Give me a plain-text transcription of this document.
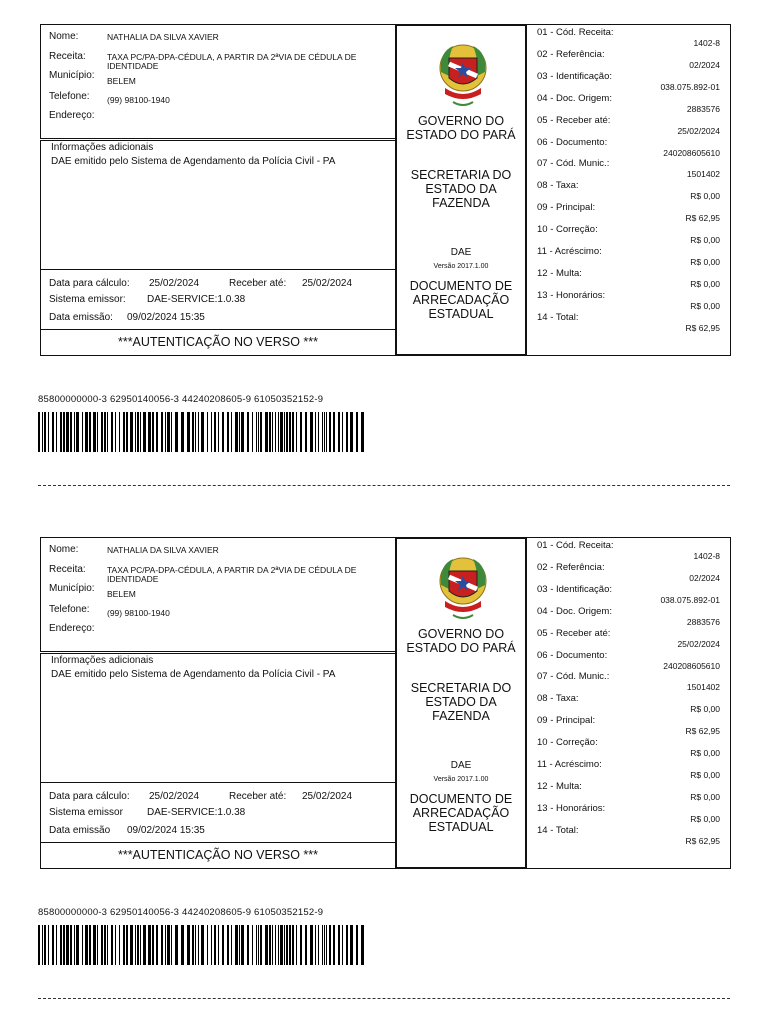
Nome:	NATHALIA DA SILVA XAVIER
Receita:	TAXA PC/PA-DPA-CÉDULA, A PARTIR DA 2ªVIA DE CÉDULA DE
IDENTIDADE
Município: BELEM
Telefone: (99) 98100-1940
Endereço:
Informações adicionais
DAE emitido pelo Sistema de Agendamento da Polícia Civil - PA
Data para cálculo: 25/02/2024	Receber até: 25/02/2024
Sistema emissor: DAE-SERVICE:1.0.38
Data emissão: 09/02/2024 15:35
***AUTENTICAÇÃO NO VERSO ***
GOVERNO DO
ESTADO DO PARÁ
SECRETARIA DO
ESTADO DA
FAZENDA
DAE
Versão 2017.1.00
DOCUMENTO DE
ARRECADAÇÃO
ESTADUAL
01 - Cód. Receita:
1402-8
02 - Referência:
02/2024
03 - Identificação:
038.075.892-01
04 - Doc. Origem:
2883576
05 - Receber até:
25/02/2024
06 - Documento:
240208605610
07 - Cód. Munic.:
1501402
08 - Taxa:
R$ 0,00
09 - Principal:
R$ 62,95
10 - Correção:
R$ 0,00
11 - Acréscimo:
R$ 0,00
12 - Multa:
R$ 0,00
13 - Honorários:
R$ 0,00
14 - Total:
R$ 62,95
85800000000-3 62950140056-3 44240208605-9 61050352152-9
Nome:	NATHALIA DA SILVA XAVIER
Receita:	TAXA PC/PA-DPA-CÉDULA, A PARTIR DA 2ªVIA DE CÉDULA DE
IDENTIDADE
Município: BELEM
Telefone: (99) 98100-1940
Endereço:
Informações adicionais
DAE emitido pelo Sistema de Agendamento da Polícia Civil - PA
Data para cálculo: 25/02/2024	Receber até: 25/02/2024
Sistema emissor DAE-SERVICE:1.0.38
Data emissão 09/02/2024 15:35
***AUTENTICAÇÃO NO VERSO ***
GOVERNO DO
ESTADO DO PARÁ
SECRETARIA DO
ESTADO DA
FAZENDA
DAE
Versão 2017.1.00
DOCUMENTO DE
ARRECADAÇÃO
ESTADUAL
01 - Cód. Receita:
1402-8
02 - Referência:
02/2024
03 - Identificação:
038.075.892-01
04 - Doc. Origem:
2883576
05 - Receber até:
25/02/2024
06 - Documento:
240208605610
07 - Cód. Munic.:
1501402
08 - Taxa:
R$ 0,00
09 - Principal:
R$ 62,95
10 - Correção:
R$ 0,00
11 - Acréscimo:
R$ 0,00
12 - Multa:
R$ 0,00
13 - Honorários:
R$ 0,00
14 - Total:
R$ 62,95
85800000000-3 62950140056-3 44240208605-9 61050352152-9
